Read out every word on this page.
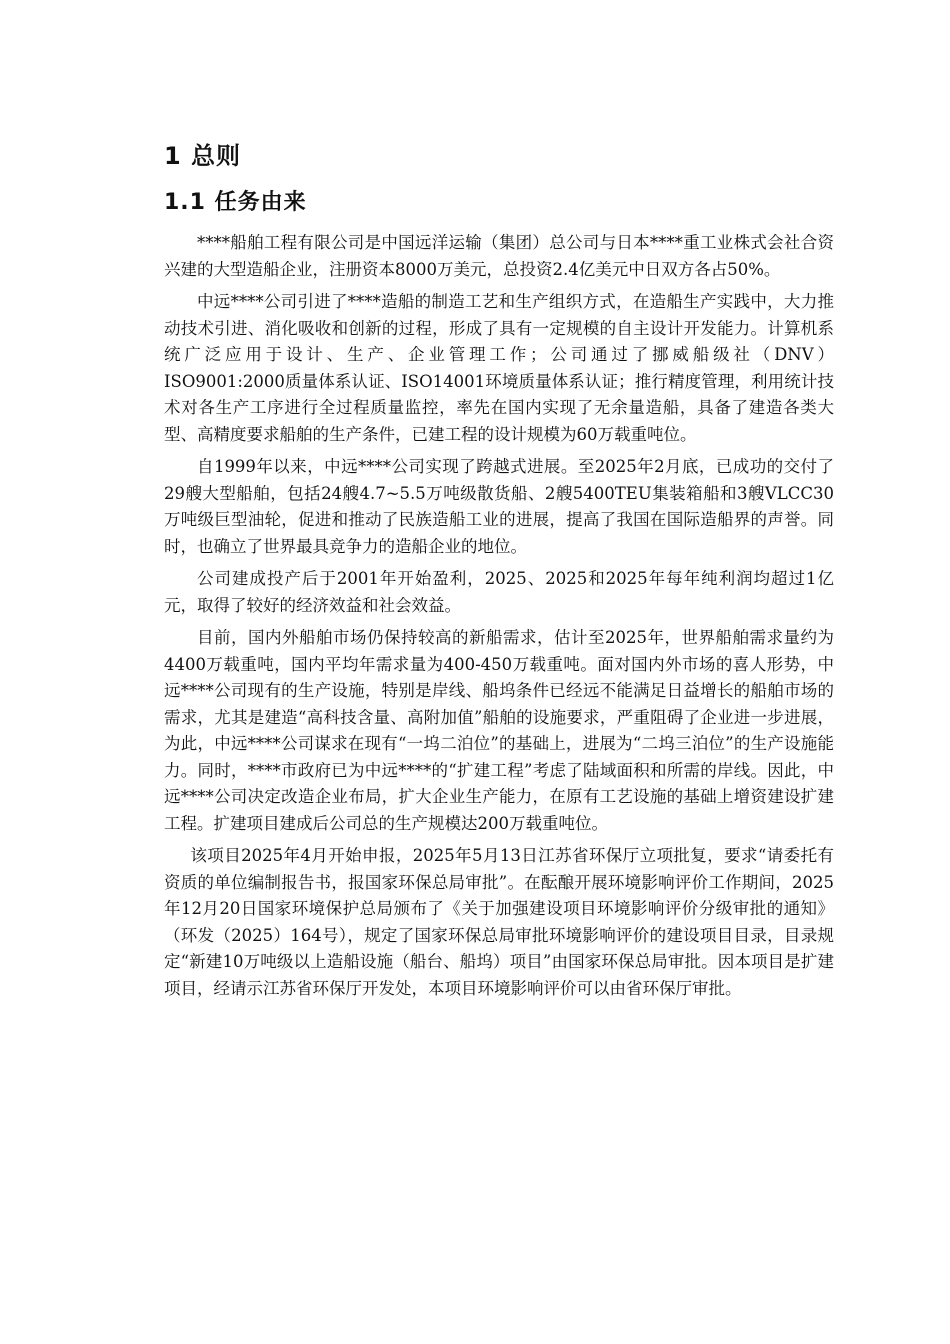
1 总则
1.1 任务由来

****船舶工程有限公司是中国远洋运输（集团）总公司与日本****重工业株式会社合资兴建的大型造船企业，注册资本8000万美元，总投资2.4亿美元中日双方各占50%。

中远****公司引进了****造船的制造工艺和生产组织方式，在造船生产实践中，大力推动技术引进、消化吸收和创新的过程，形成了具有一定规模的自主设计开发能力。计算机系统广泛应用于设计、生产、企业管理工作；公司通过了挪威船级社（DNV）ISO9001:2000质量体系认证、ISO14001环境质量体系认证；推行精度管理，利用统计技术对各生产工序进行全过程质量监控，率先在国内实现了无余量造船，具备了建造各类大型、高精度要求船舶的生产条件，已建工程的设计规模为60万载重吨位。

自1999年以来，中远****公司实现了跨越式进展。至2025年2月底，已成功的交付了29艘大型船舶，包括24艘4.7~5.5万吨级散货船、2艘5400TEU集装箱船和3艘VLCC30万吨级巨型油轮，促进和推动了民族造船工业的进展，提高了我国在国际造船界的声誉。同时，也确立了世界最具竞争力的造船企业的地位。

公司建成投产后于2001年开始盈利，2025、2025和2025年每年纯利润均超过1亿元，取得了较好的经济效益和社会效益。

目前，国内外船舶市场仍保持较高的新船需求，估计至2025年，世界船舶需求量约为4400万载重吨，国内平均年需求量为400-450万载重吨。面对国内外市场的喜人形势，中远****公司现有的生产设施，特别是岸线、船坞条件已经远不能满足日益增长的船舶市场的需求，尤其是建造“高科技含量、高附加值”船舶的设施要求，严重阻碍了企业进一步进展，为此，中远****公司谋求在现有“一坞二泊位”的基础上，进展为“二坞三泊位”的生产设施能力。同时，****市政府已为中远****的“扩建工程”考虑了陆域面积和所需的岸线。因此，中远****公司决定改造企业布局，扩大企业生产能力，在原有工艺设施的基础上增资建设扩建工程。扩建项目建成后公司总的生产规模达200万载重吨位。

该项目2025年4月开始申报，2025年5月13日江苏省环保厅立项批复，要求“请委托有资质的单位编制报告书，报国家环保总局审批”。在酝酿开展环境影响评价工作期间，2025年12月20日国家环境保护总局颁布了《关于加强建设项目环境影响评价分级审批的通知》（环发（2025）164号），规定了国家环保总局审批环境影响评价的建设项目目录，目录规定“新建10万吨级以上造船设施（船台、船坞）项目”由国家环保总局审批。因本项目是扩建项目，经请示江苏省环保厅开发处，本项目环境影响评价可以由省环保厅审批。
